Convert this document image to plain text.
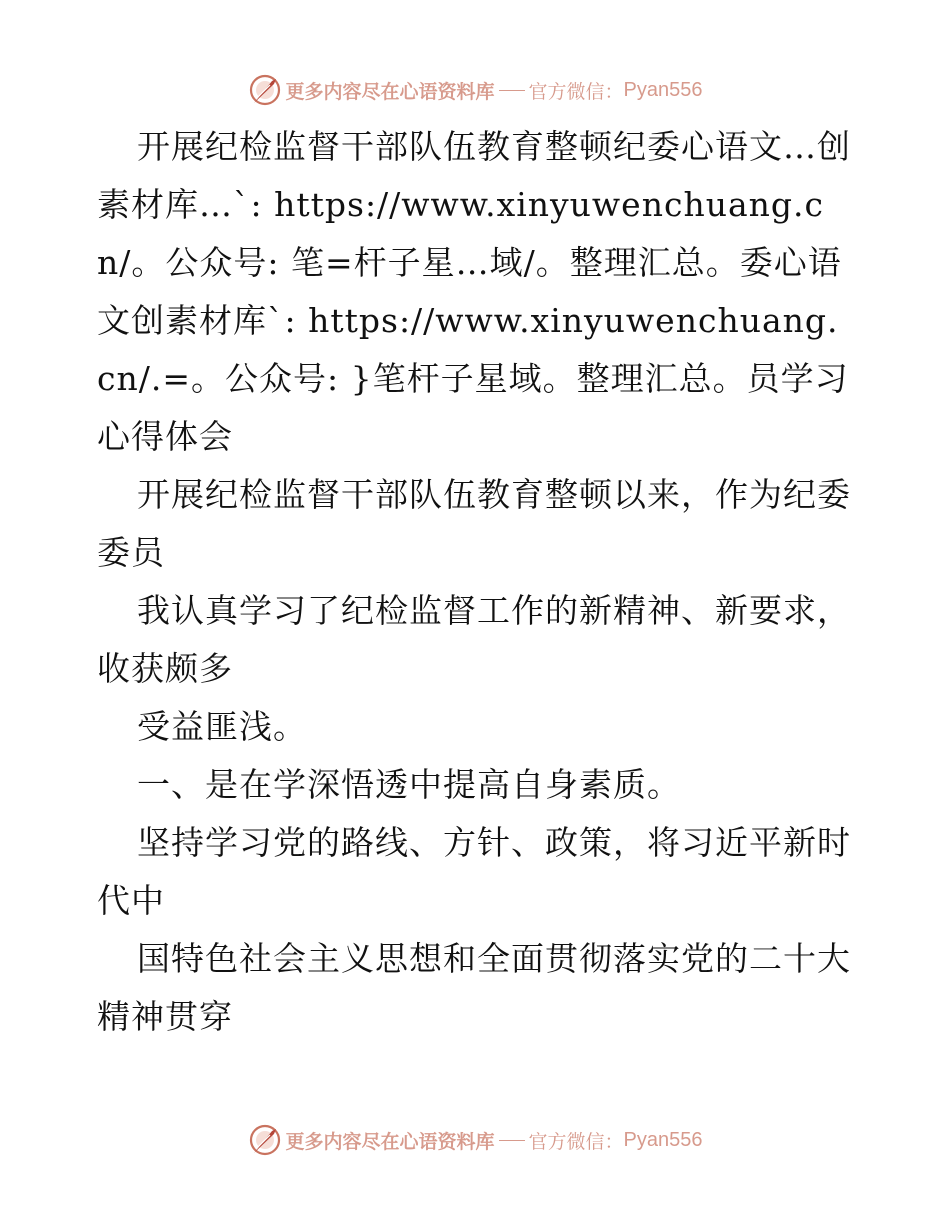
更多内容尽在心语资料库 官方微信： Pyan556

开展纪检监督干部队伍教育整顿纪委心语文…创素材库…`: https://www.xinyuwenchuang.cn/。公众号: 笔=杆子星…域/。整理汇总。委心语文创素材库`: https://www.xinyuwenchuang.cn/.=。公众号: }笔杆子星域。整理汇总。员学习心得体会

开展纪检监督干部队伍教育整顿以来，作为纪委委员

我认真学习了纪检监督工作的新精神、新要求，收获颇多

受益匪浅。

一、是在学深悟透中提高自身素质。

坚持学习党的路线、方针、政策，将习近平新时代中

国特色社会主义思想和全面贯彻落实党的二十大精神贯穿

更多内容尽在心语资料库 官方微信： Pyan556
